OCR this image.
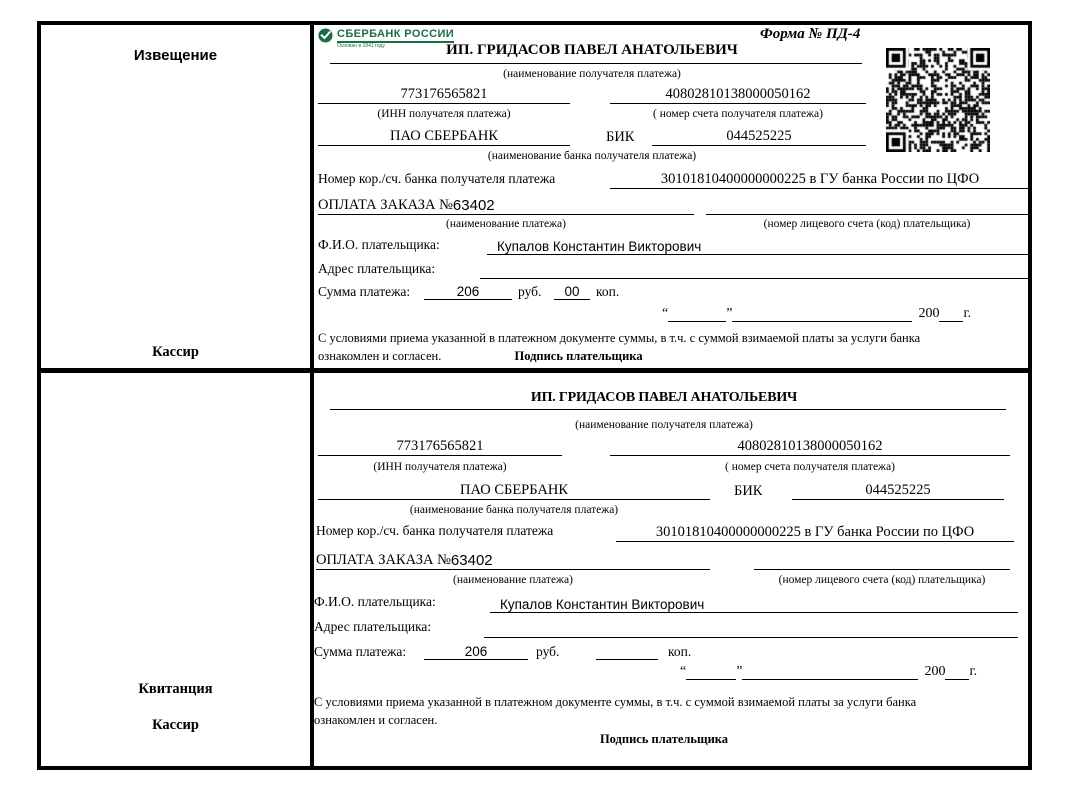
Извещение
Кассир
СБЕРБАНК РОССИИ
Основан в 1841 году
Форма № ПД-4
ИП. ГРИДАСОВ ПАВЕЛ АНАТОЛЬЕВИЧ
(наименование получателя платежа)
773176565821	40802810138000050162
(ИНН получателя платежа)	( номер счета получателя платежа)
ПАО СБЕРБАНК	БИК	044525225
(наименование банка получателя платежа)
Номер кор./сч. банка получателя платежа	30101810400000000225 в ГУ банка России по ЦФО
ОПЛАТА ЗАКАЗА № 63402
(наименование платежа)	(номер лицевого счета (код) плательщика)
Ф.И.О. плательщика:	Купалов Константин Викторович
Адрес плательщика:
Сумма платежа:	206	руб.	00	коп.
“	”	200 г.
С условиями приема указанной в платежном документе суммы, в т.ч. с суммой взимаемой платы за услуги банка
ознакомлен и согласен.	Подпись плательщика
Квитанция
Кассир
ИП. ГРИДАСОВ ПАВЕЛ АНАТОЛЬЕВИЧ
(наименование получателя платежа)
773176565821	40802810138000050162
(ИНН получателя платежа)	( номер счета получателя платежа)
ПАО СБЕРБАНК	БИК	044525225
(наименование банка получателя платежа)
Номер кор./сч. банка получателя платежа	30101810400000000225 в ГУ банка России по ЦФО
ОПЛАТА ЗАКАЗА № 63402
(наименование платежа)	(номер лицевого счета (код) плательщика)
Ф.И.О. плательщика:	Купалов Константин Викторович
Адрес плательщика:
Сумма платежа:	206	руб.	коп.
“	”	200 г.
С условиями приема указанной в платежном документе суммы, в т.ч. с суммой взимаемой платы за услуги банка
ознакомлен и согласен.
Подпись плательщика
